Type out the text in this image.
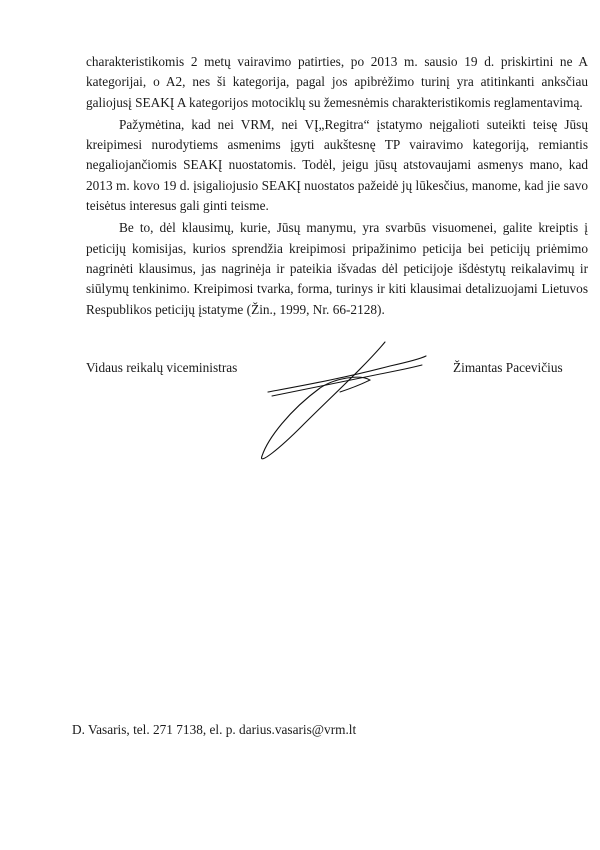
charakteristikomis 2 metų vairavimo patirties, po 2013 m. sausio 19 d. priskirtini ne A kategorijai, o A2, nes ši kategorija, pagal jos apibrėžimo turinį yra atitinkanti anksčiau galiojusį SEAKĮ A kategorijos motociklų su žemesnėmis charakteristikomis reglamentavimą.

Pažymėtina, kad nei VRM, nei VĮ„Regitra“ įstatymo neįgalioti suteikti teisę Jūsų kreipimesi nurodytiems asmenims įgyti aukštesnę TP vairavimo kategoriją, remiantis negaliojančiomis SEAKĮ nuostatomis. Todėl, jeigu jūsų atstovaujami asmenys mano, kad 2013 m. kovo 19 d. įsigaliojusio SEAKĮ nuostatos pažeidė jų lūkesčius, manome, kad jie savo teisėtus interesus gali ginti teisme.

Be to, dėl klausimų, kurie, Jūsų manymu, yra svarbūs visuomenei, galite kreiptis į peticijų komisijas, kurios sprendžia kreipimosi pripažinimo peticija bei peticijų priėmimo nagrinėti klausimus, jas nagrinėja ir pateikia išvadas dėl peticijoje išdėstytų reikalavimų ir siūlymų tenkinimo. Kreipimosi tvarka, forma, turinys ir kiti klausimai detalizuojami Lietuvos Respublikos peticijų įstatyme (Žin., 1999, Nr. 66-2128).

Vidaus reikalų viceministras	Žimantas Pacevičius
D. Vasaris, tel. 271 7138, el. p. darius.vasaris@vrm.lt
